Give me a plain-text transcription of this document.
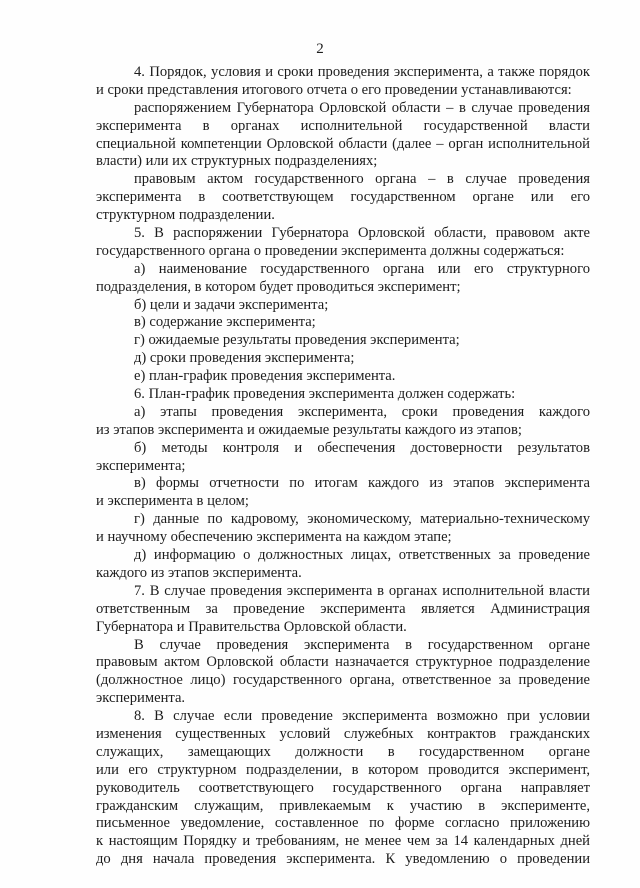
2
4. Порядок, условия и сроки проведения эксперимента, а также порядок
и сроки представления итогового отчета о его проведении устанавливаются:
распоряжением Губернатора Орловской области – в случае проведения
эксперимента в органах исполнительной государственной власти
специальной компетенции Орловской области (далее – орган исполнительной
власти) или их структурных подразделениях;
правовым актом государственного органа – в случае проведения
эксперимента в соответствующем государственном органе или его
структурном подразделении.
5. В распоряжении Губернатора Орловской области, правовом акте
государственного органа о проведении эксперимента должны содержаться:
а) наименование государственного органа или его структурного
подразделения, в котором будет проводиться эксперимент;
б) цели и задачи эксперимента;
в) содержание эксперимента;
г) ожидаемые результаты проведения эксперимента;
д) сроки проведения эксперимента;
е) план-график проведения эксперимента.
6. План-график проведения эксперимента должен содержать:
а) этапы проведения эксперимента, сроки проведения каждого
из этапов эксперимента и ожидаемые результаты каждого из этапов;
б) методы контроля и обеспечения достоверности результатов
эксперимента;
в) формы отчетности по итогам каждого из этапов эксперимента
и эксперимента в целом;
г) данные по кадровому, экономическому, материально-техническому
и научному обеспечению эксперимента на каждом этапе;
д) информацию о должностных лицах, ответственных за проведение
каждого из этапов эксперимента.
7. В случае проведения эксперимента в органах исполнительной власти
ответственным за проведение эксперимента является Администрация
Губернатора и Правительства Орловской области.
В случае проведения эксперимента в государственном органе
правовым актом Орловской области назначается структурное подразделение
(должностное лицо) государственного органа, ответственное за проведение
эксперимента.
8. В случае если проведение эксперимента возможно при условии
изменения существенных условий служебных контрактов гражданских
служащих, замещающих должности в государственном органе
или его структурном подразделении, в котором проводится эксперимент,
руководитель соответствующего государственного органа направляет
гражданским служащим, привлекаемым к участию в эксперименте,
письменное уведомление, составленное по форме согласно приложению
к настоящим Порядку и требованиям, не менее чем за 14 календарных дней
до дня начала проведения эксперимента. К уведомлению о проведении
